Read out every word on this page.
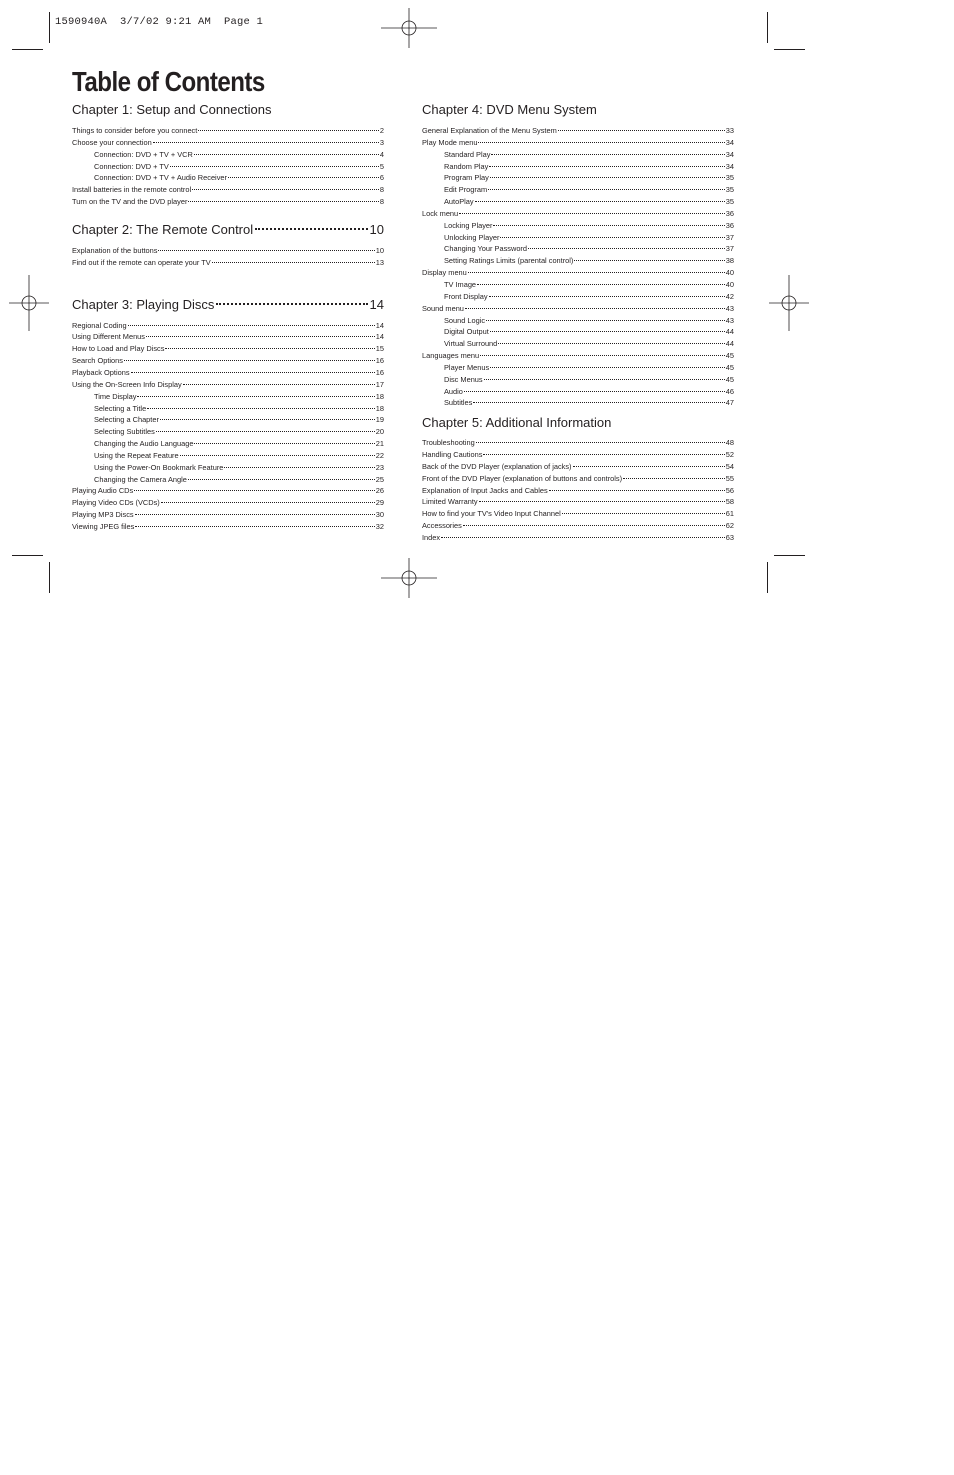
1590940A  3/7/02 9:21 AM  Page 1
Table of Contents
Chapter 1: Setup and Connections
Things to consider before you connect	2
Choose your connection	3
Connection: DVD + TV + VCR	4
Connection: DVD + TV	5
Connection: DVD + TV + Audio Receiver	6
Install batteries in the remote control	8
Turn on the TV and the DVD player	8
Chapter 2: The Remote Control	10
Explanation of the buttons	10
Find out if the remote can operate your TV	13
Chapter 3: Playing Discs	14
Regional Coding	14
Using Different Menus	14
How to Load and Play Discs	15
Search Options	16
Playback Options	16
Using the On-Screen Info Display	17
Time Display	18
Selecting a Title	18
Selecting a Chapter	19
Selecting Subtitles	20
Changing the Audio Language	21
Using the Repeat Feature	22
Using the Power-On Bookmark Feature	23
Changing the Camera Angle	25
Playing Audio CDs	26
Playing Video CDs (VCDs)	29
Playing MP3 Discs	30
Viewing JPEG files	32
Chapter 4: DVD Menu System
General Explanation of the Menu System	33
Play Mode menu	34
Standard Play	34
Random Play	34
Program Play	35
Edit Program	35
AutoPlay	35
Lock menu	36
Locking Player	36
Unlocking Player	37
Changing Your Password	37
Setting Ratings Limits (parental control)	38
Display menu	40
TV Image	40
Front Display	42
Sound menu	43
Sound Logic	43
Digital Output	44
Virtual Surround	44
Languages menu	45
Player Menus	45
Disc Menus	45
Audio	46
Subtitles	47
Chapter 5: Additional Information
Troubleshooting	48
Handling Cautions	52
Back of the DVD Player (explanation of jacks)	54
Front of the DVD Player (explanation of buttons and controls)	55
Explanation of Input Jacks and Cables	56
Limited Warranty	58
How to find your TV's Video Input Channel	61
Accessories	62
Index	63
